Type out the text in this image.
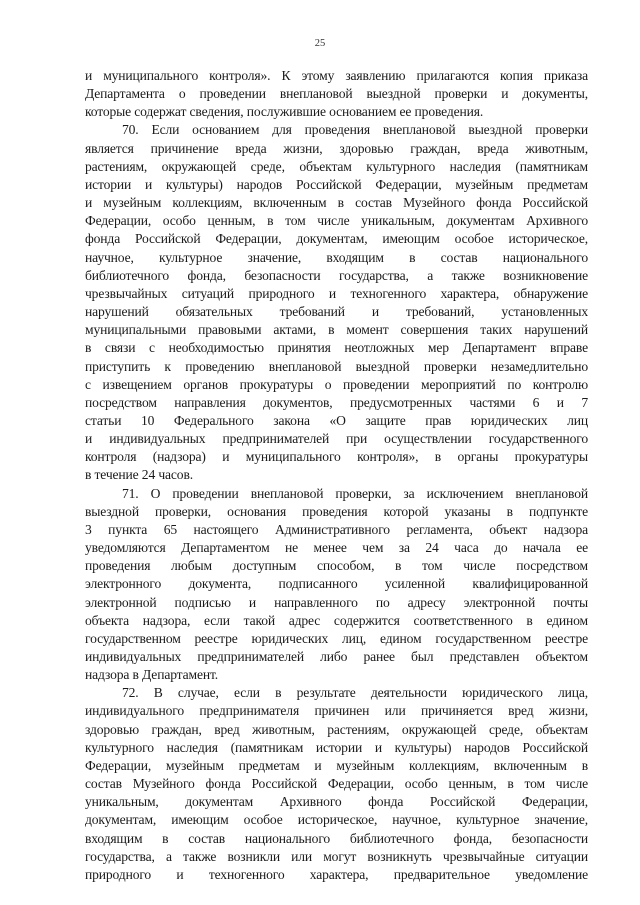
25
и муниципального контроля». К этому заявлению прилагаются копия приказа
Департамента о проведении внеплановой выездной проверки и документы,
которые содержат сведения, послужившие основанием ее проведения.
70. Если основанием для проведения внеплановой выездной проверки
является причинение вреда жизни, здоровью граждан, вреда животным,
растениям, окружающей среде, объектам культурного наследия (памятникам
истории и культуры) народов Российской Федерации, музейным предметам
и музейным коллекциям, включенным в состав Музейного фонда Российской
Федерации, особо ценным, в том числе уникальным, документам Архивного
фонда Российской Федерации, документам, имеющим особое историческое,
научное, культурное значение, входящим в состав национального
библиотечного фонда, безопасности государства, а также возникновение
чрезвычайных ситуаций природного и техногенного характера, обнаружение
нарушений обязательных требований и требований, установленных
муниципальными правовыми актами, в момент совершения таких нарушений
в связи с необходимостью принятия неотложных мер Департамент вправе
приступить к проведению внеплановой выездной проверки незамедлительно
с извещением органов прокуратуры о проведении мероприятий по контролю
посредством направления документов, предусмотренных частями 6 и 7
статьи 10 Федерального закона «О защите прав юридических лиц
и индивидуальных предпринимателей при осуществлении государственного
контроля (надзора) и муниципального контроля», в органы прокуратуры
в течение 24 часов.
71. О проведении внеплановой проверки, за исключением внеплановой
выездной проверки, основания проведения которой указаны в подпункте
3 пункта 65 настоящего Административного регламента, объект надзора
уведомляются Департаментом не менее чем за 24 часа до начала ее
проведения любым доступным способом, в том числе посредством
электронного документа, подписанного усиленной квалифицированной
электронной подписью и направленного по адресу электронной почты
объекта надзора, если такой адрес содержится соответственного в едином
государственном реестре юридических лиц, едином государственном реестре
индивидуальных предпринимателей либо ранее был представлен объектом
надзора в Департамент.
72. В случае, если в результате деятельности юридического лица,
индивидуального предпринимателя причинен или причиняется вред жизни,
здоровью граждан, вред животным, растениям, окружающей среде, объектам
культурного наследия (памятникам истории и культуры) народов Российской
Федерации, музейным предметам и музейным коллекциям, включенным в
состав Музейного фонда Российской Федерации, особо ценным, в том числе
уникальным, документам Архивного фонда Российской Федерации,
документам, имеющим особое историческое, научное, культурное значение,
входящим в состав национального библиотечного фонда, безопасности
государства, а также возникли или могут возникнуть чрезвычайные ситуации
природного и техногенного характера, предварительное уведомление
